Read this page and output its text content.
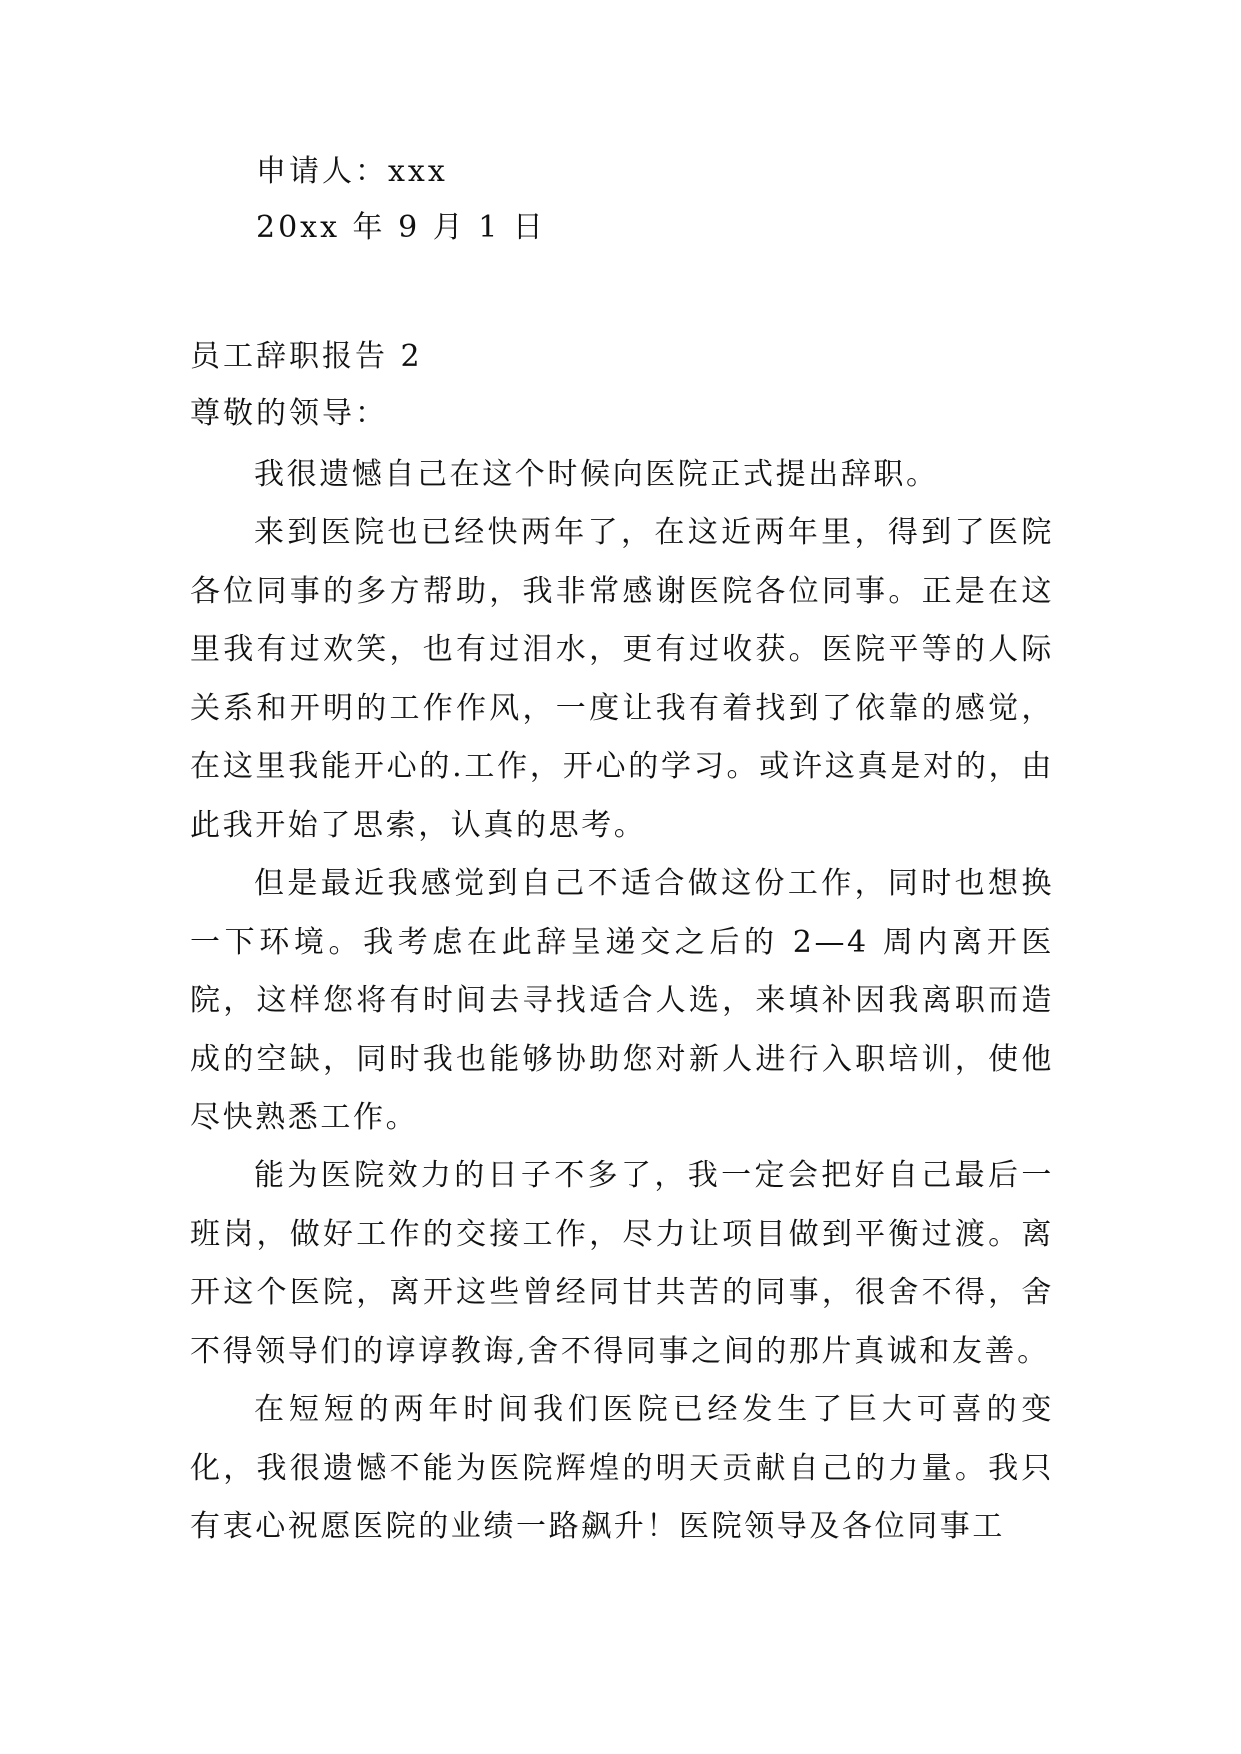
申请人：xxx
20xx 年 9 月 1 日
员工辞职报告 2
尊敬的领导：

我很遗憾自己在这个时候向医院正式提出辞职。

来到医院也已经快两年了，在这近两年里，得到了医院各位同事的多方帮助，我非常感谢医院各位同事。正是在这里我有过欢笑，也有过泪水，更有过收获。医院平等的人际关系和开明的工作作风，一度让我有着找到了依靠的感觉，在这里我能开心的.工作，开心的学习。或许这真是对的，由此我开始了思索，认真的思考。

但是最近我感觉到自己不适合做这份工作，同时也想换一下环境。我考虑在此辞呈递交之后的 2—4 周内离开医院，这样您将有时间去寻找适合人选，来填补因我离职而造成的空缺，同时我也能够协助您对新人进行入职培训，使他尽快熟悉工作。

能为医院效力的日子不多了，我一定会把好自己最后一班岗，做好工作的交接工作，尽力让项目做到平衡过渡。离开这个医院，离开这些曾经同甘共苦的同事，很舍不得，舍不得领导们的谆谆教诲,舍不得同事之间的那片真诚和友善。

在短短的两年时间我们医院已经发生了巨大可喜的变化，我很遗憾不能为医院辉煌的明天贡献自己的力量。我只有衷心祝愿医院的业绩一路飙升！医院领导及各位同事工
